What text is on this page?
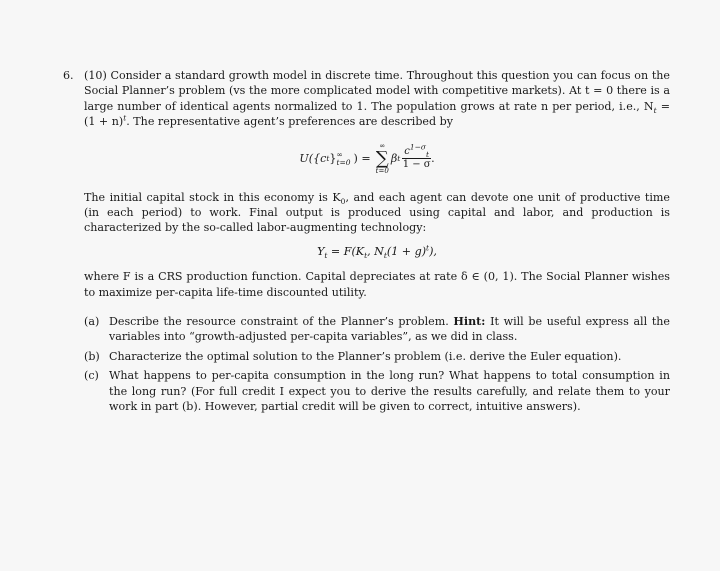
6. (10) Consider a standard growth model in discrete time. Throughout this question you can focus on the Social Planner’s problem (vs the more complicated model with competitive markets). At t = 0 there is a large number of identical agents normalized to 1. The population grows at rate n per period, i.e., $N_t = (1 + n)^t$. The representative agent’s preferences are described by

U({c t } ∞
t=0 ) =
∞
∑
t=0
β t $\frac{c^{1-\sigma}_t}{1 - \sigma}$ .

The initial capital stock in this economy is $K_0$, and each agent can devote one unit of productive time (in each period) to work. Final output is produced using capital and labor, and production is characterized by the so-called labor-augmenting technology:

$Y_t = F(K_t$, $N_t(1 + g)^t$),

where F is a CRS production function. Capital depreciates at rate δ ∈ (0, 1). The Social Planner wishes to maximize per-capita life-time discounted utility.

(a) Describe the resource constraint of the Planner’s problem. Hint: It will be useful express all the variables into “growth-adjusted per-capita variables”, as we did in class.
(b) Characterize the optimal solution to the Planner’s problem (i.e. derive the Euler equation).
(c) What happens to per-capita consumption in the long run? What happens to total consumption in the long run? (For full credit I expect you to derive the results carefully, and relate them to your work in part (b). However, partial credit will be given to correct, intuitive answers).
